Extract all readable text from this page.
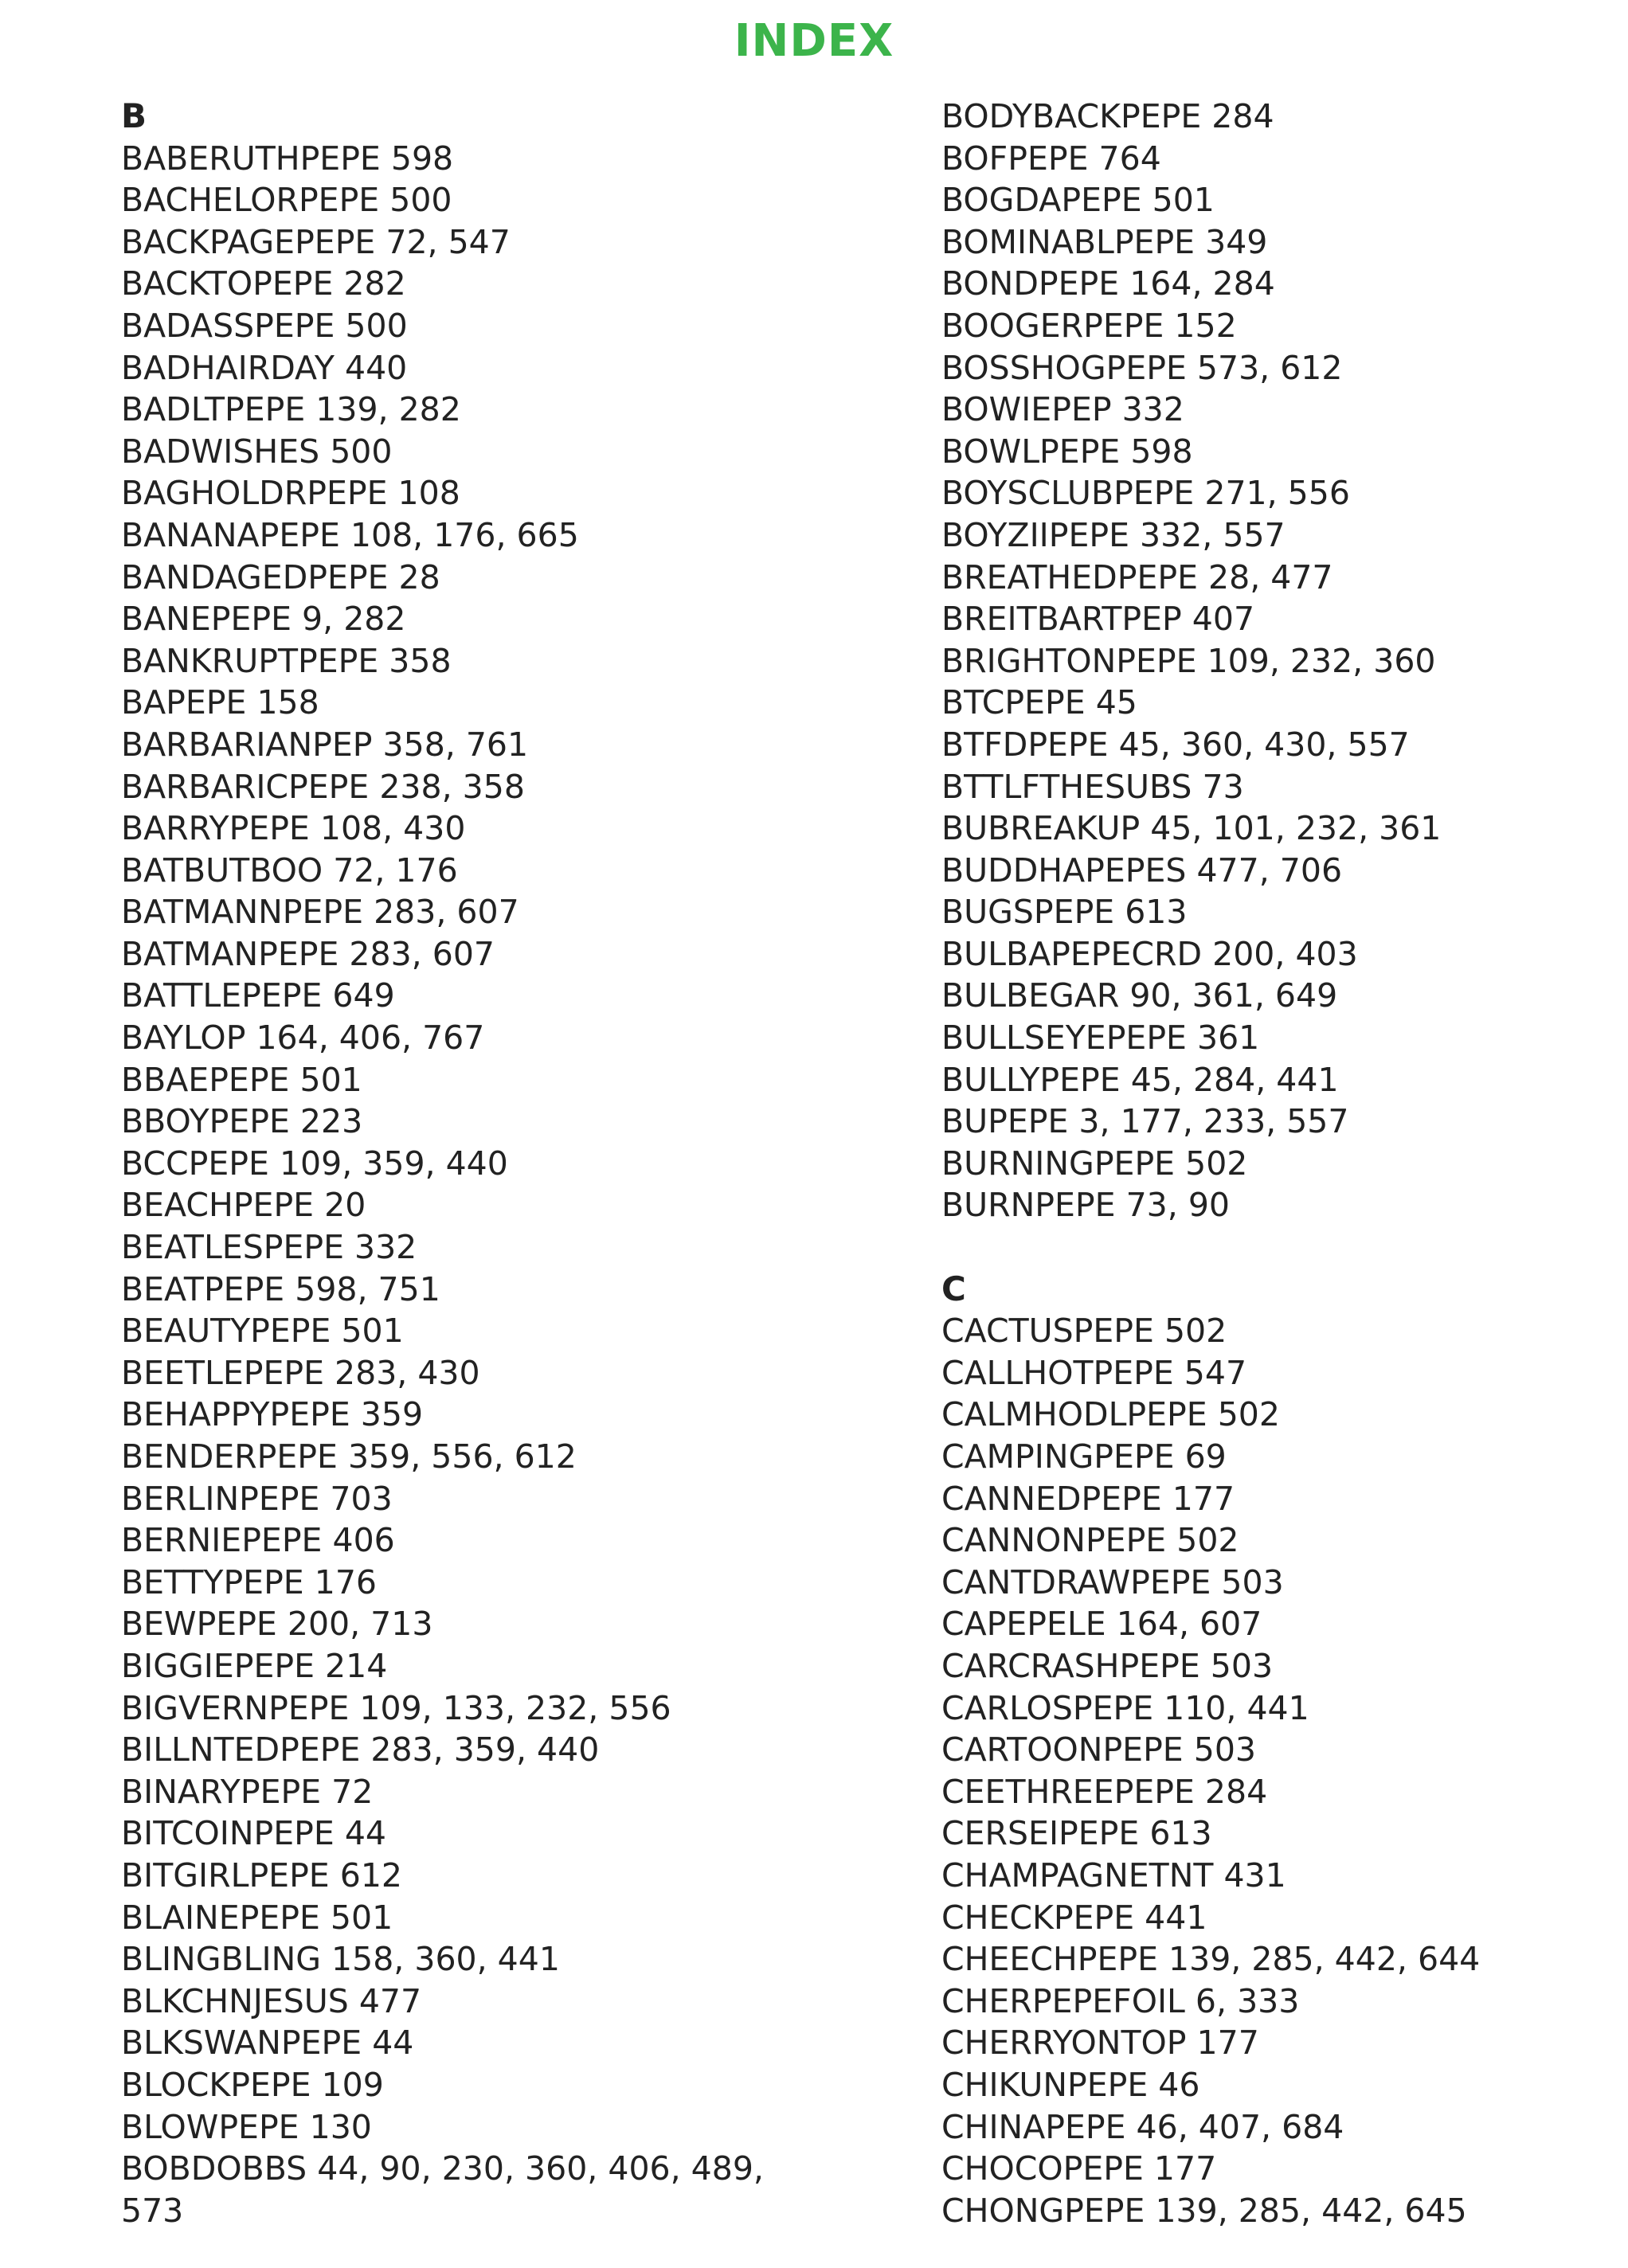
INDEX
B
BABERUTHPEPE 598
BACHELORPEPE 500
BACKPAGEPEPE 72, 547
BACKTOPEPE 282
BADASSPEPE 500
BADHAIRDAY 440
BADLTPEPE 139, 282
BADWISHES 500
BAGHOLDRPEPE 108
BANANAPEPE 108, 176, 665
BANDAGEDPEPE 28
BANEPEPE 9, 282
BANKRUPTPEPE 358
BAPEPE 158
BARBARIANPEP 358, 761
BARBARICPEPE 238, 358
BARRYPEPE 108, 430
BATBUTBOO 72, 176
BATMANNPEPE 283, 607
BATMANPEPE 283, 607
BATTLEPEPE 649
BAYLOP 164, 406, 767
BBAEPEPE 501
BBOYPEPE 223
BCCPEPE 109, 359, 440
BEACHPEPE 20
BEATLESPEPE 332
BEATPEPE 598, 751
BEAUTYPEPE 501
BEETLEPEPE 283, 430
BEHAPPYPEPE 359
BENDERPEPE 359, 556, 612
BERLINPEPE 703
BERNIEPEPE 406
BETTYPEPE 176
BEWPEPE 200, 713
BIGGIEPEPE 214
BIGVERNPEPE 109, 133, 232, 556
BILLNTEDPEPE 283, 359, 440
BINARYPEPE 72
BITCOINPEPE 44
BITGIRLPEPE 612
BLAINEPEPE 501
BLINGBLING 158, 360, 441
BLKCHNJESUS 477
BLKSWANPEPE 44
BLOCKPEPE 109
BLOWPEPE 130
BOBDOBBS 44, 90, 230, 360, 406, 489,
573
BODYBACKPEPE 284
BOFPEPE 764
BOGDAPEPE 501
BOMINABLPEPE 349
BONDPEPE 164, 284
BOOGERPEPE 152
BOSSHOGPEPE 573, 612
BOWIEPEP 332
BOWLPEPE 598
BOYSCLUBPEPE 271, 556
BOYZIIPEPE 332, 557
BREATHEDPEPE 28, 477
BREITBARTPEP 407
BRIGHTONPEPE 109, 232, 360
BTCPEPE 45
BTFDPEPE 45, 360, 430, 557
BTTLFTHESUBS 73
BUBREAKUP 45, 101, 232, 361
BUDDHAPEPES 477, 706
BUGSPEPE 613
BULBAPEPECRD 200, 403
BULBEGAR 90, 361, 649
BULLSEYEPEPE 361
BULLYPEPE 45, 284, 441
BUPEPE 3, 177, 233, 557
BURNINGPEPE 502
BURNPEPE 73, 90
C
CACTUSPEPE 502
CALLHOTPEPE 547
CALMHODLPEPE 502
CAMPINGPEPE 69
CANNEDPEPE 177
CANNONPEPE 502
CANTDRAWPEPE 503
CAPEPELE 164, 607
CARCRASHPEPE 503
CARLOSPEPE 110, 441
CARTOONPEPE 503
CEETHREEPEPE 284
CERSEIPEPE 613
CHAMPAGNETNT 431
CHECKPEPE 441
CHEECHPEPE 139, 285, 442, 644
CHERPEPEFOIL 6, 333
CHERRYONTOP 177
CHIKUNPEPE 46
CHINAPEPE 46, 407, 684
CHOCOPEPE 177
CHONGPEPE 139, 285, 442, 645
